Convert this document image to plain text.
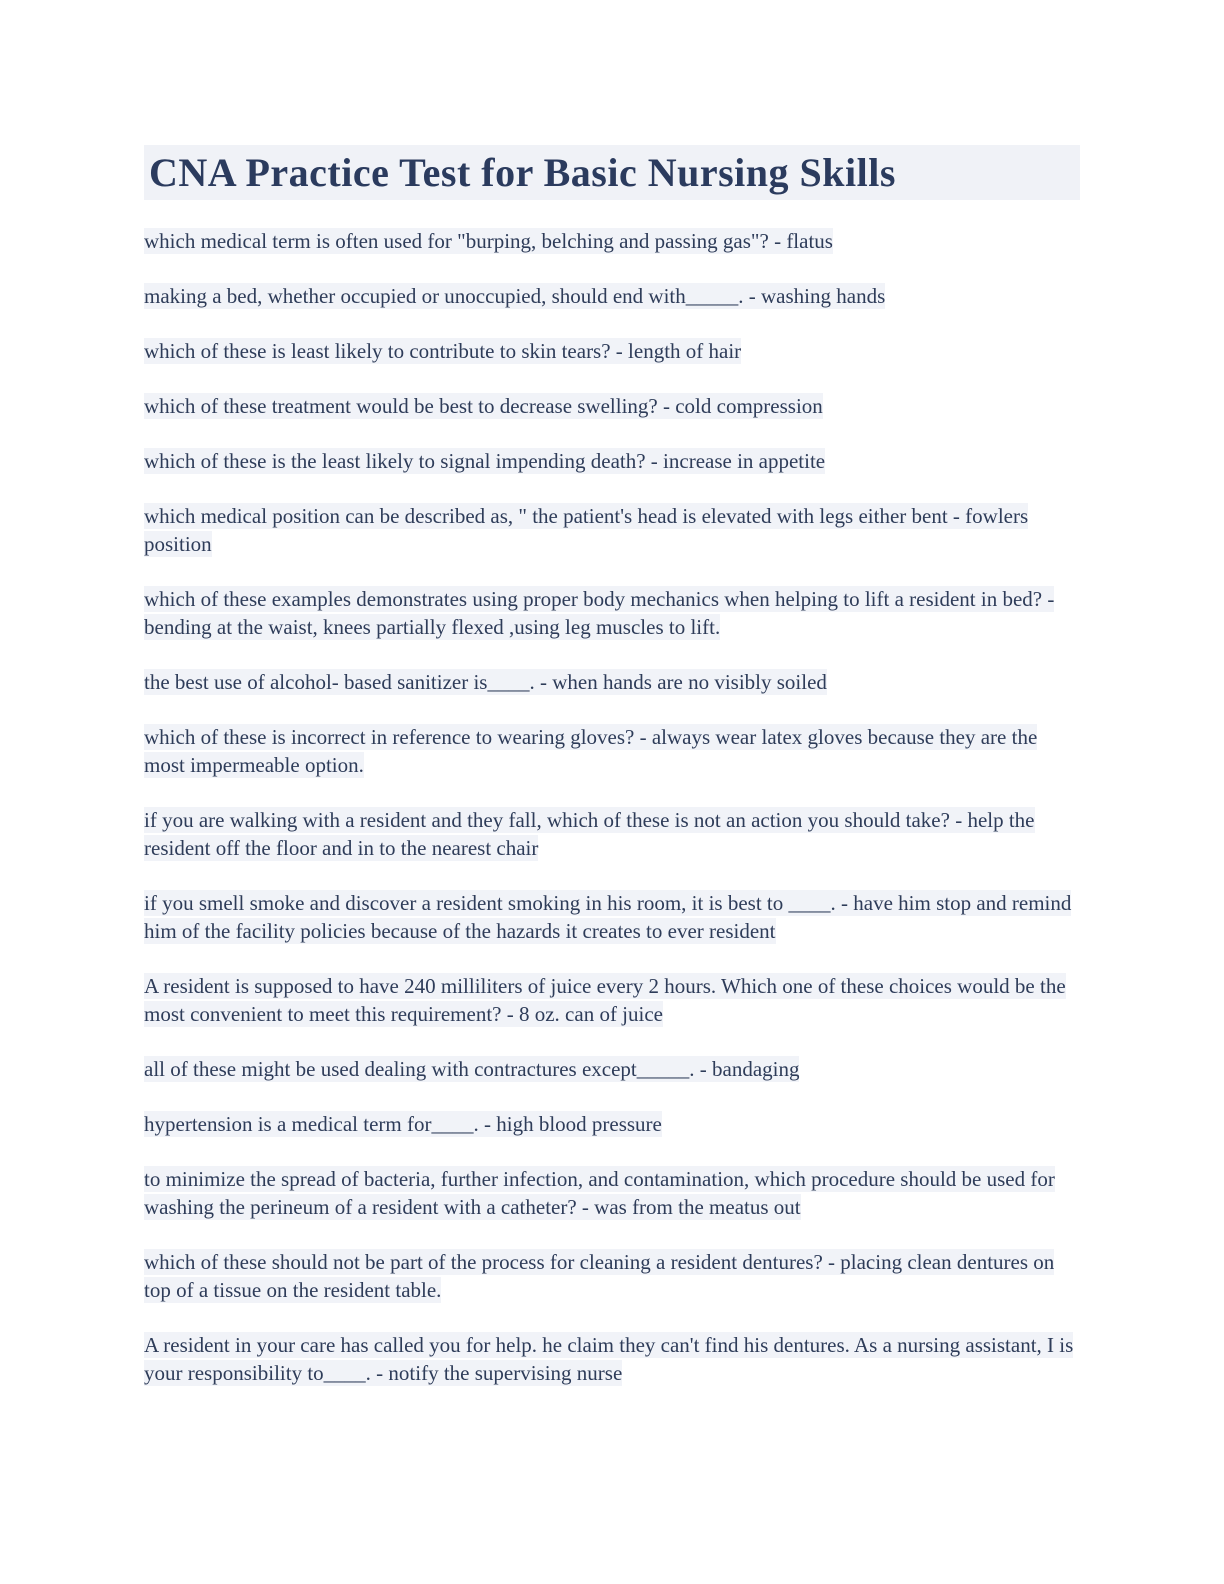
CNA Practice Test for Basic Nursing Skills

which medical term is often used for "burping, belching and passing gas"? - flatus

making a bed, whether occupied or unoccupied, should end with_____. - washing hands

which of these is least likely to contribute to skin tears? - length of hair

which of these treatment would be best to decrease swelling? - cold compression

which of these is the least likely to signal impending death? - increase in appetite

which medical position can be described as, " the patient's head is elevated with legs either bent - fowlers position

which of these examples demonstrates using proper body mechanics when helping to lift a resident in bed? - bending at the waist, knees partially flexed ,using leg muscles to lift.

the best use of alcohol- based sanitizer is____. - when hands are no visibly soiled

which of these is incorrect in reference to wearing gloves? - always wear latex gloves because they are the most impermeable option.

if you are walking with a resident and they fall, which of these is not an action you should take? - help the resident off the floor and in to the nearest chair

if you smell smoke and discover a resident smoking in his room, it is best to ____. - have him stop and remind him of the facility policies because of the hazards it creates to ever resident

A resident is supposed to have 240 milliliters of juice every 2 hours. Which one of these choices would be the most convenient to meet this requirement? - 8 oz. can of juice

all of these might be used dealing with contractures except_____. - bandaging

hypertension is a medical term for____. - high blood pressure

to minimize the spread of bacteria, further infection, and contamination, which procedure should be used for washing the perineum of a resident with a catheter? - was from the meatus out

which of these should not be part of the process for cleaning a resident dentures? - placing clean dentures on top of a tissue on the resident table.

A resident in your care has called you for help. he claim they can't find his dentures. As a nursing assistant, I is your responsibility to____. - notify the supervising nurse
